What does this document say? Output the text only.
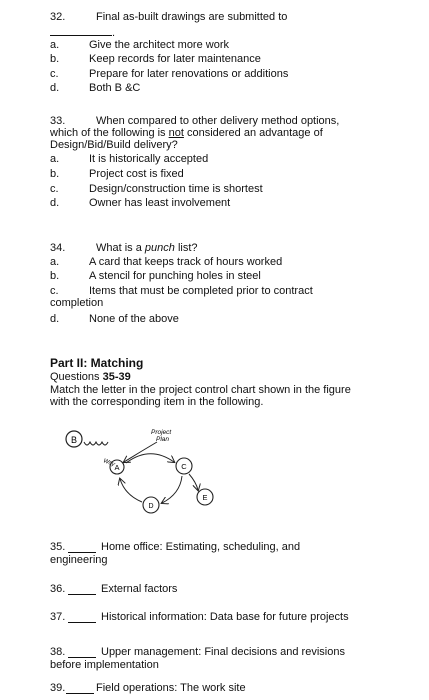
32.	Final as-built drawings are submitted to
.
a.	Give the architect more work
b.	Keep records for later maintenance
c.	Prepare for later renovations or additions
d.	Both B &C
33.	When compared to other delivery method options,
which of the following is not considered an advantage of
Design/Bid/Build delivery?
a.	It is historically accepted
b.	Project cost is fixed
c.	Design/construction time is shortest
d.	Owner has least involvement
34.	What is a punch list?
a.	A card that keeps track of hours worked
b.	A stencil for punching holes in steel
c.	Items that must be completed prior to contract
completion
d.	None of the above
Part II: Matching
Questions 35-39
Match the letter in the project control chart shown in the figure
with the corresponding item in the following.
B
Way
Project
Plan
A	C
E
D
35.	Home office: Estimating, scheduling, and
engineering
36.	External factors
37.	Historical information: Data base for future projects
38.	Upper management: Final decisions and revisions
before implementation
39.	Field operations: The work site
